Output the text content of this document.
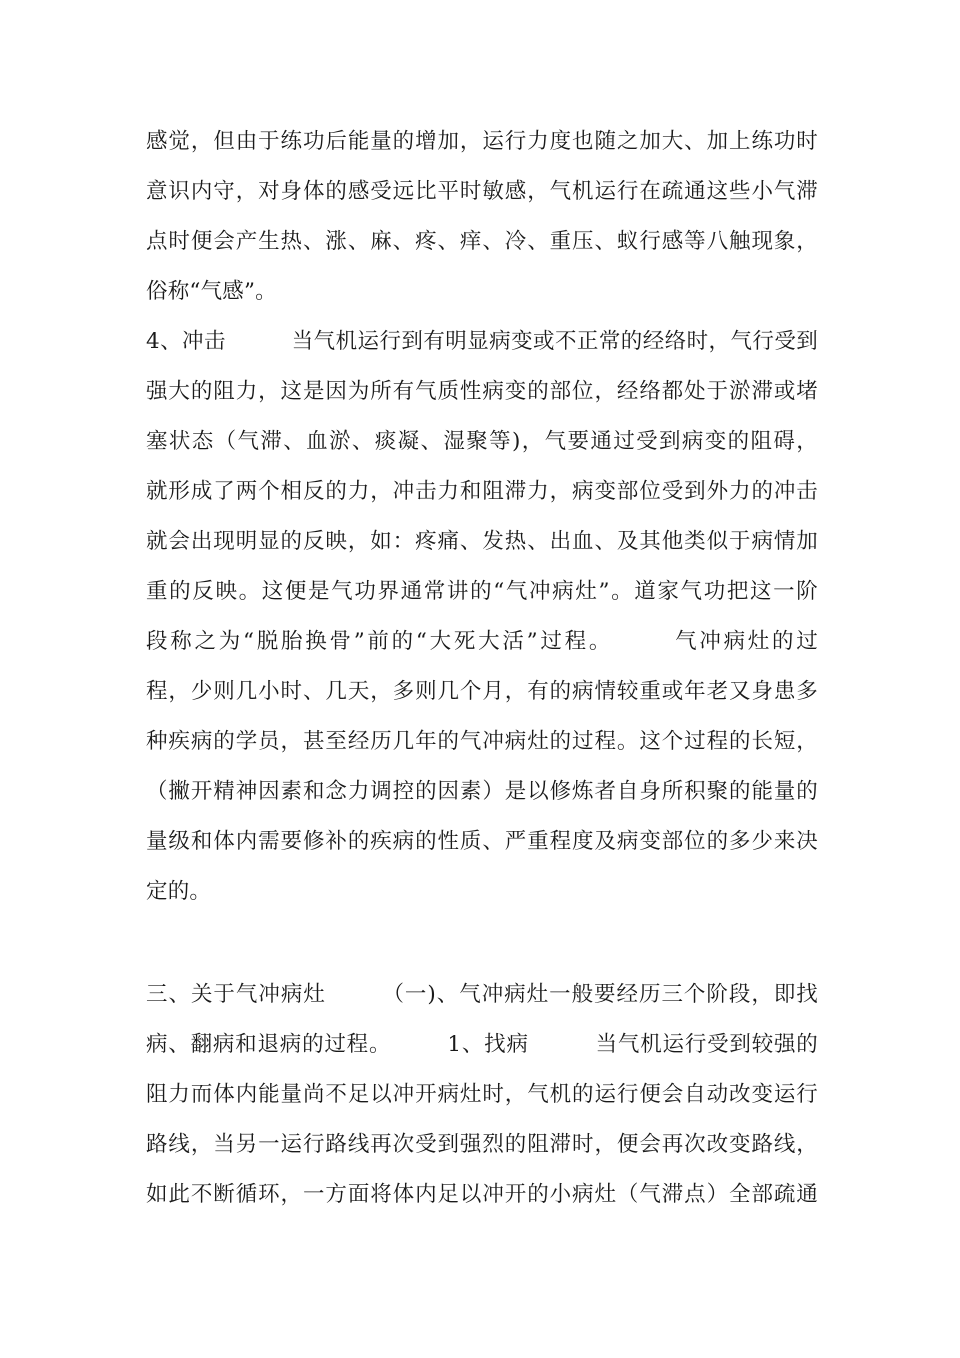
感觉，但由于练功后能量的增加，运行力度也随之加大、加上练功时
意识内守，对身体的感受远比平时敏感，气机运行在疏通这些小气滞
点时便会产生热、涨、麻、疼、痒、冷、重压、蚁行感等八触现象，
俗称“气感”。
4、冲击　　　当气机运行到有明显病变或不正常的经络时，气行受到
强大的阻力，这是因为所有气质性病变的部位，经络都处于淤滞或堵
塞状态（气滞、血淤、痰凝、湿聚等)，气要通过受到病变的阻碍，
就形成了两个相反的力，冲击力和阻滞力，病变部位受到外力的冲击
就会出现明显的反映，如：疼痛、发热、出血、及其他类似于病情加
重的反映。这便是气功界通常讲的“气冲病灶”。道家气功把这一阶
段称之为“脱胎换骨”前的“大死大活”过程。　　　气冲病灶的过
程，少则几小时、几天，多则几个月，有的病情较重或年老又身患多
种疾病的学员，甚至经历几年的气冲病灶的过程。这个过程的长短，
（撇开精神因素和念力调控的因素）是以修炼者自身所积聚的能量的
量级和体内需要修补的疾病的性质、严重程度及病变部位的多少来决
定的。
三、关于气冲病灶　　　（一)、气冲病灶一般要经历三个阶段，即找
病、翻病和退病的过程。　　　1、找病　　　当气机运行受到较强的
阻力而体内能量尚不足以冲开病灶时，气机的运行便会自动改变运行
路线，当另一运行路线再次受到强烈的阻滞时，便会再次改变路线，
如此不断循环，一方面将体内足以冲开的小病灶（气滞点）全部疏通
